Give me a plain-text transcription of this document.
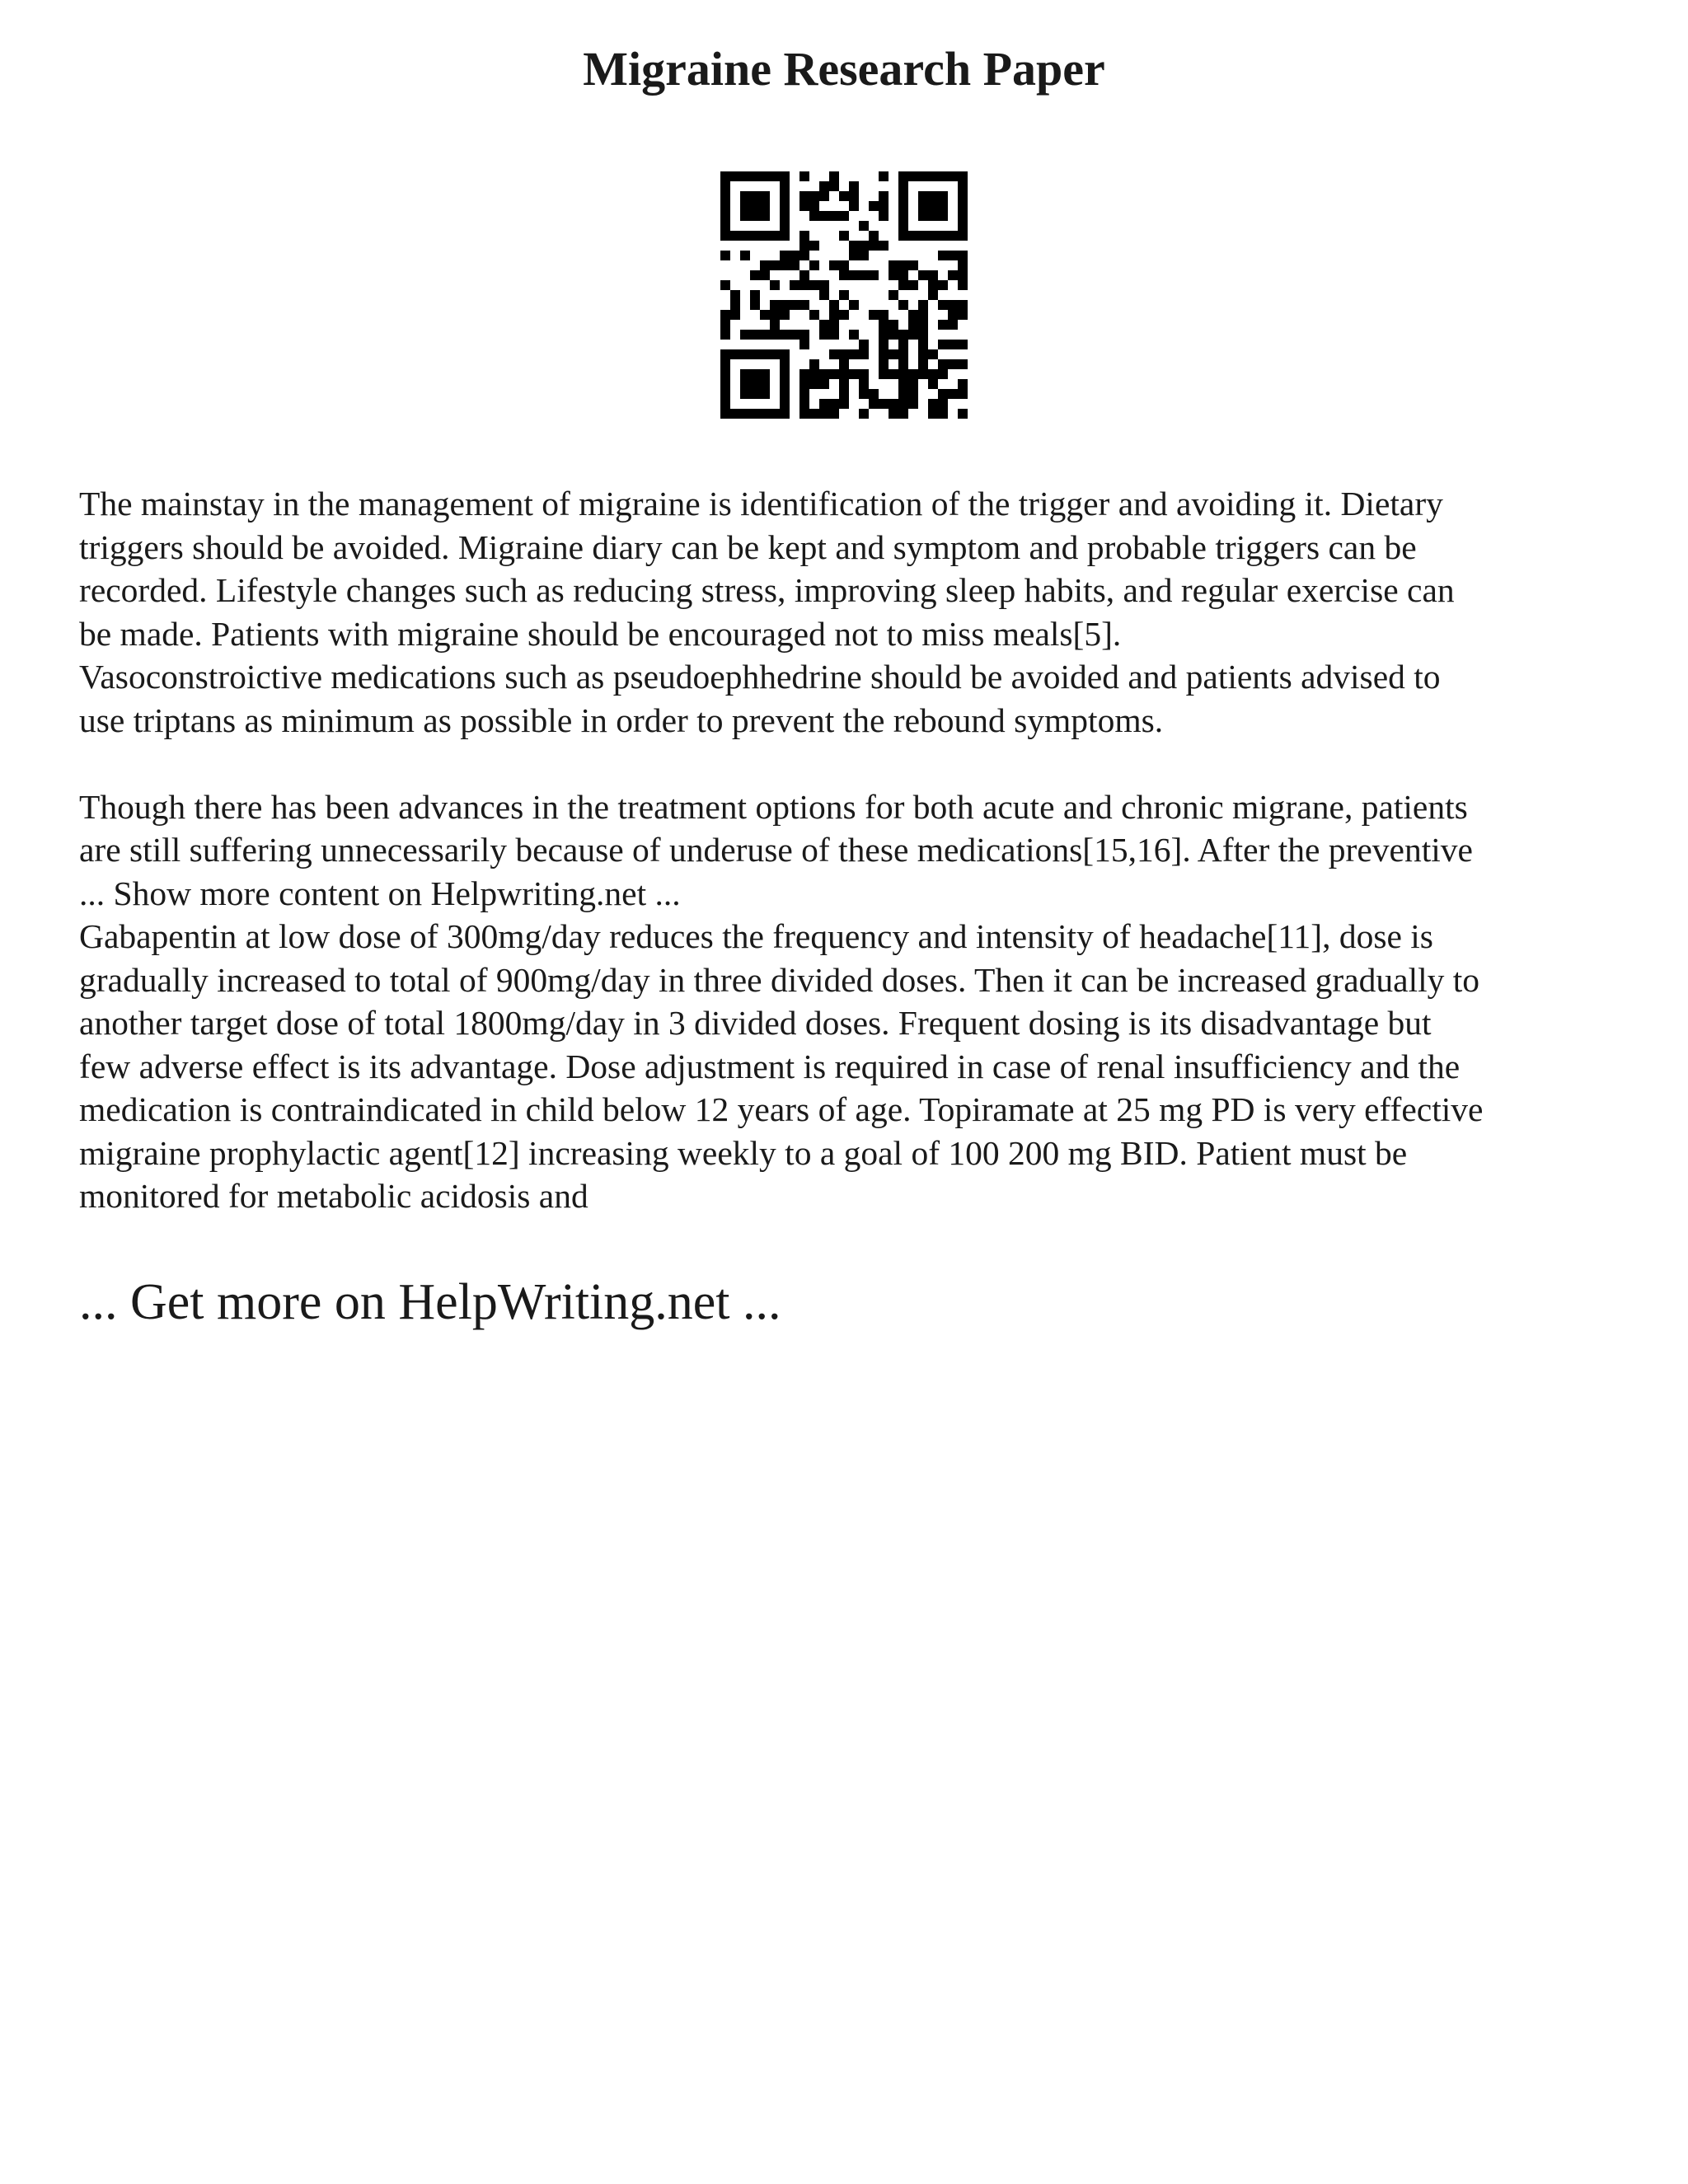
Migraine Research Paper

The mainstay in the management of migraine is identification of the trigger and avoiding it. Dietary
triggers should be avoided. Migraine diary can be kept and symptom and probable triggers can be
recorded. Lifestyle changes such as reducing stress, improving sleep habits, and regular exercise can
be made. Patients with migraine should be encouraged not to miss meals[5].
Vasoconstroictive medications such as pseudoephhedrine should be avoided and patients advised to
use triptans as minimum as possible in order to prevent the rebound symptoms.

Though there has been advances in the treatment options for both acute and chronic migrane, patients
are still suffering unnecessarily because of underuse of these medications[15,16]. After the preventive
... Show more content on Helpwriting.net ...

Gabapentin at low dose of 300mg/day reduces the frequency and intensity of headache[11], dose is
gradually increased to total of 900mg/day in three divided doses. Then it can be increased gradually to
another target dose of total 1800mg/day in 3 divided doses. Frequent dosing is its disadvantage but
few adverse effect is its advantage. Dose adjustment is required in case of renal insufficiency and the
medication is contraindicated in child below 12 years of age. Topiramate at 25 mg PD is very effective
migraine prophylactic agent[12] increasing weekly to a goal of 100 200 mg BID. Patient must be
monitored for metabolic acidosis and

... Get more on HelpWriting.net ...
